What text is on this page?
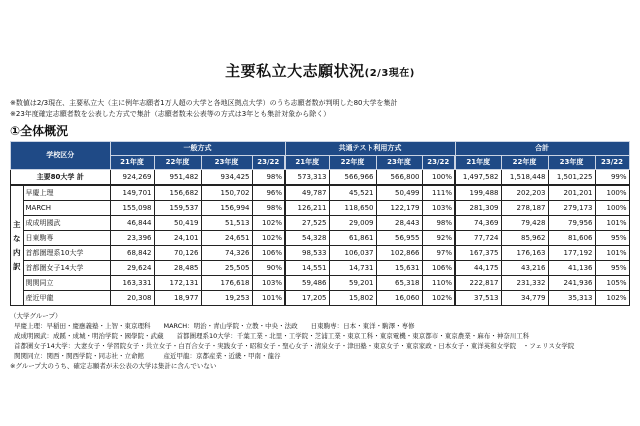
主要私立大志願状況(2/3現在)
※数値は2/3現在、主要私立大（主に例年志願者1万人超の大学と各地区拠点大学）のうち志願者数が判明した80大学を集計
※23年度確定志願者数を公表した方式で集計（志願者数未公表等の方式は3年とも集計対象から除く）
①全体概況
学校区分		一般方式				共通テスト利用方式				合計			
		21年度	22年度	23年度	23/22	21年度	22年度	23年度	23/22	21年度	22年度	23年度	23/22
主要80大学 計		924,269	951,482	934,425	98%	573,313	566,966	566,800	100%	1,497,582	1,518,448	1,501,225	99%

主
な
内
訳	早慶上理	149,701	156,682	150,702	96%	49,787	45,521	50,499	111%	199,488	202,203	201,201	100%
	MARCH	155,098	159,537	156,994	98%	126,211	118,650	122,179	103%	281,309	278,187	279,173	100%
	成成明國武	46,844	50,419	51,513	102%	27,525	29,009	28,443	98%	74,369	79,428	79,956	101%
	日東駒専	23,396	24,101	24,651	102%	54,328	61,861	56,955	92%	77,724	85,962	81,606	95%
	首都圏理系10大学	68,842	70,126	74,326	106%	98,533	106,037	102,866	97%	167,375	176,163	177,192	101%
	首都圏女子14大学	29,624	28,485	25,505	90%	14,551	14,731	15,631	106%	44,175	43,216	41,136	95%
	関関同立	163,331	172,131	176,618	103%	59,486	59,201	65,318	110%	222,817	231,332	241,936	105%
	産近甲龍	20,308	18,977	19,253	101%	17,205	15,802	16,060	102%	37,513	34,779	35,313	102%
（大学グループ）
早慶上理：早稲田・慶應義塾・上智・東京理科　　MARCH：明治・青山学院・立教・中央・法政　　日東駒専：日本・東洋・駒澤・専修
成成明國武：成蹊・成城・明治学院・國學院・武蔵　　首都圏理系10大学：千葉工業・北里・工学院・芝浦工業・東京工科・東京電機・東京都市・東京農業・麻布・神奈川工科
首都圏女子14大学：大妻女子・学習院女子・共立女子・白百合女子・実践女子・昭和女子・聖心女子・清泉女子・津田塾・東京女子・東京家政・日本女子・東洋英和女学院　・フェリス女学院
関関同立：関西・関西学院・同志社・立命館　　　産近甲龍：京都産業・近畿・甲南・龍谷
※グループ大のうち、確定志願者が未公表の大学は集計に含んでいない
